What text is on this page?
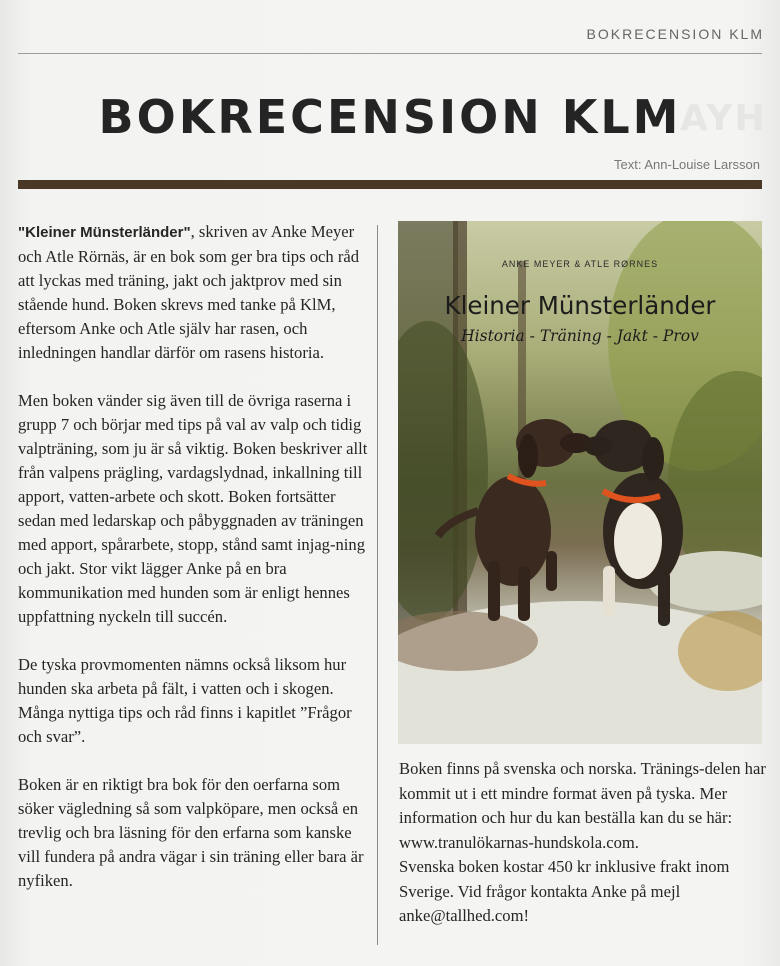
BOKRECENSION KLM
AYH
BOKRECENSION KLM
Text: Ann-Louise Larsson

"Kleiner Münsterländer", skriven av Anke Meyer och Atle Rörnäs, är en bok som ger bra tips och råd att lyckas med träning, jakt och jaktprov med sin stående hund. Boken skrevs med tanke på KlM, eftersom Anke och Atle själv har rasen, och inledningen handlar därför om rasens historia.

Men boken vänder sig även till de övriga raserna i grupp 7 och börjar med tips på val av valp och tidig valpträning, som ju är så viktig. Boken beskriver allt från valpens prägling, vardagslydnad, inkallning till apport, vatten-arbete och skott. Boken fortsätter sedan med ledarskap och påbyggnaden av träningen med apport, spårarbete, stopp, stånd samt injag-ning och jakt. Stor vikt lägger Anke på en bra kommunikation med hunden som är enligt hennes uppfattning nyckeln till succén.

De tyska provmomenten nämns också liksom hur hunden ska arbeta på fält, i vatten och i skogen. Många nyttiga tips och råd finns i kapitlet ”Frågor och svar”.

Boken är en riktigt bra bok för den oerfarna som söker vägledning så som valpköpare, men också en trevlig och bra läsning för den erfarna som kanske vill fundera på andra vägar i sin träning eller bara är nyfiken.

ANKE MEYER & ATLE RØRNES
Kleiner Münsterländer
Historia - Träning - Jakt - Prov

Boken finns på svenska och norska. Tränings-delen har kommit ut i ett mindre format även på tyska. Mer information och hur du kan beställa kan du se här:

www.tranulökarnas-hundskola.com.

Svenska boken kostar 450 kr inklusive frakt inom Sverige. Vid frågor kontakta Anke på mejl

anke@tallhed.com!
